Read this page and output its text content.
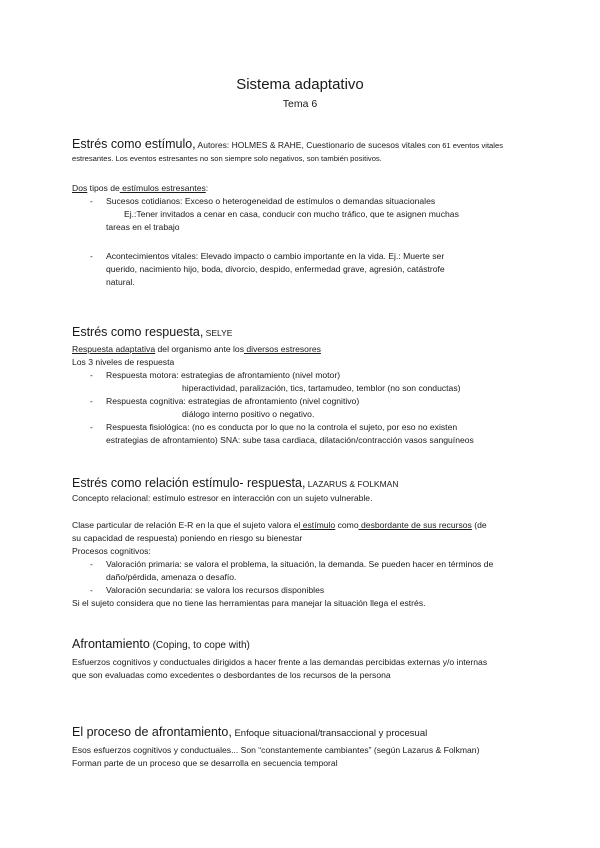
Sistema adaptativo
Tema 6
Estrés como estímulo, Autores: HOLMES & RAHE, Cuestionario de sucesos vitales con 61 eventos vitales

estresantes. Los eventos estresantes no son siempre solo negativos, son también positivos.

Dos tipos de estímulos estresantes:

- Sucesos cotidianos: Exceso o heterogeneidad de estímulos o demandas situacionales
Ej.:Tener invitados a cenar en casa, conducir con mucho tráfico, que te asignen muchas
tareas en el trabajo
- Acontecimientos vitales: Elevado impacto o cambio importante en la vida. Ej.: Muerte ser
querido, nacimiento hijo, boda, divorcio, despido, enfermedad grave, agresión, catástrofe
natural.
Estrés como respuesta, SELYE

Respuesta adaptativa del organismo ante los diversos estresores

Los 3 niveles de respuesta

- Respuesta motora: estrategias de afrontamiento (nivel motor)
hiperactividad, paralización, tics, tartamudeo, temblor (no son conductas)
- Respuesta cognitiva: estrategias de afrontamiento (nivel cognitivo)
diálogo interno positivo o negativo.
- Respuesta fisiológica: (no es conducta por lo que no la controla el sujeto, por eso no existen
estrategias de afrontamiento) SNA: sube tasa cardiaca, dilatación/contracción vasos sanguíneos
Estrés como relación estímulo- respuesta, LAZARUS & FOLKMAN

Concepto relacional: estímulo estresor en interacción con un sujeto vulnerable.

Clase particular de relación E-R en la que el sujeto valora el estímulo como desbordante de sus recursos (de

su capacidad de respuesta) poniendo en riesgo su bienestar

Procesos cognitivos:

- Valoración primaria: se valora el problema, la situación, la demanda. Se pueden hacer en términos de
daño/pérdida, amenaza o desafío.
- Valoración secundaria: se valora los recursos disponibles

Si el sujeto considera que no tiene las herramientas para manejar la situación llega el estrés.

Afrontamiento (Coping, to cope with)

Esfuerzos cognitivos y conductuales dirigidos a hacer frente a las demandas percibidas externas y/o internas

que son evaluadas como excedentes o desbordantes de los recursos de la persona

El proceso de afrontamiento, Enfoque situacional/transaccional y procesual

Esos esfuerzos cognitivos y conductuales... Son “constantemente cambiantes” (según Lazarus & Folkman)

Forman parte de un proceso que se desarrolla en secuencia temporal
